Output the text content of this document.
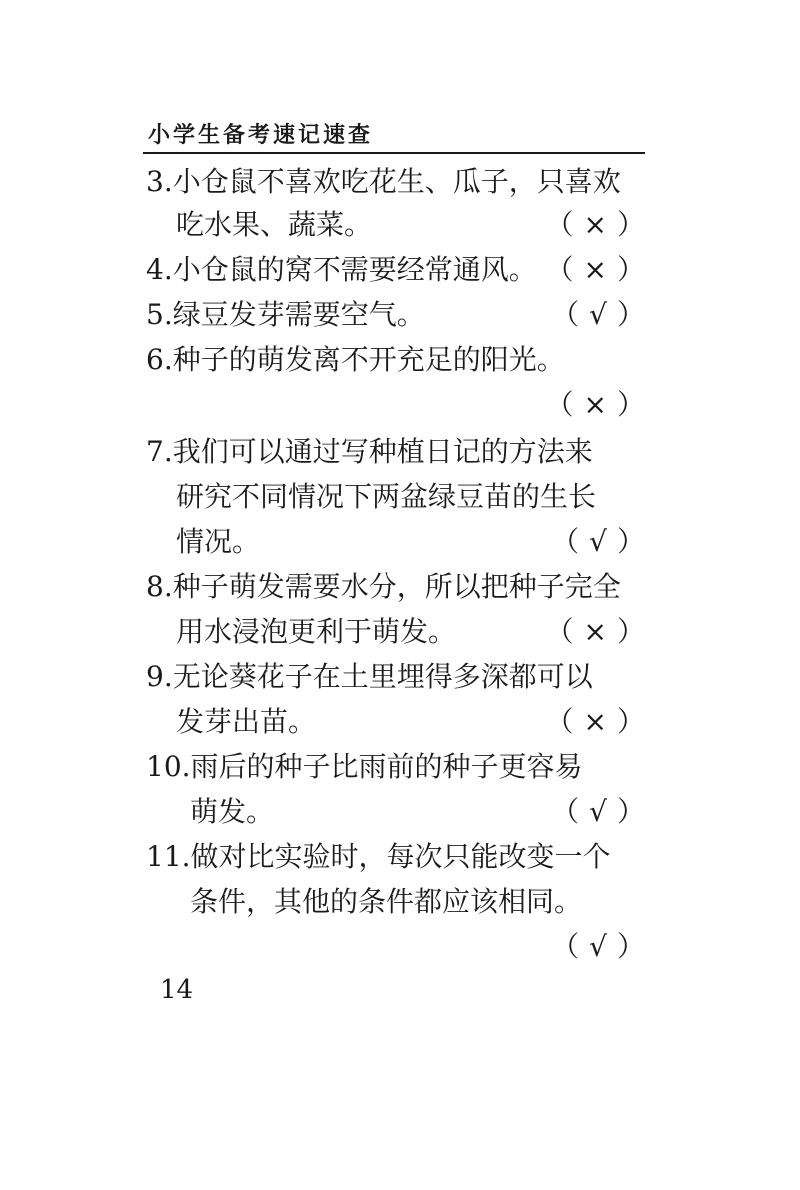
小学生备考速记速查
3.小仓鼠不喜欢吃花生、瓜子，只喜欢
吃水果、蔬菜。	（ × ）
4.小仓鼠的窝不需要经常通风。 （ × ）
5.绿豆发芽需要空气。	（ √ ）
6.种子的萌发离不开充足的阳光。
（ × ）
7.我们可以通过写种植日记的方法来
研究不同情况下两盆绿豆苗的生长
情况。	（ √ ）
8.种子萌发需要水分，所以把种子完全
用水浸泡更利于萌发。	（ × ）
9.无论葵花子在土里埋得多深都可以
发芽出苗。	（ × ）
10.雨后的种子比雨前的种子更容易
萌发。	（ √ ）
11.做对比实验时，每次只能改变一个
条件，其他的条件都应该相同。
（ √ ）
14
